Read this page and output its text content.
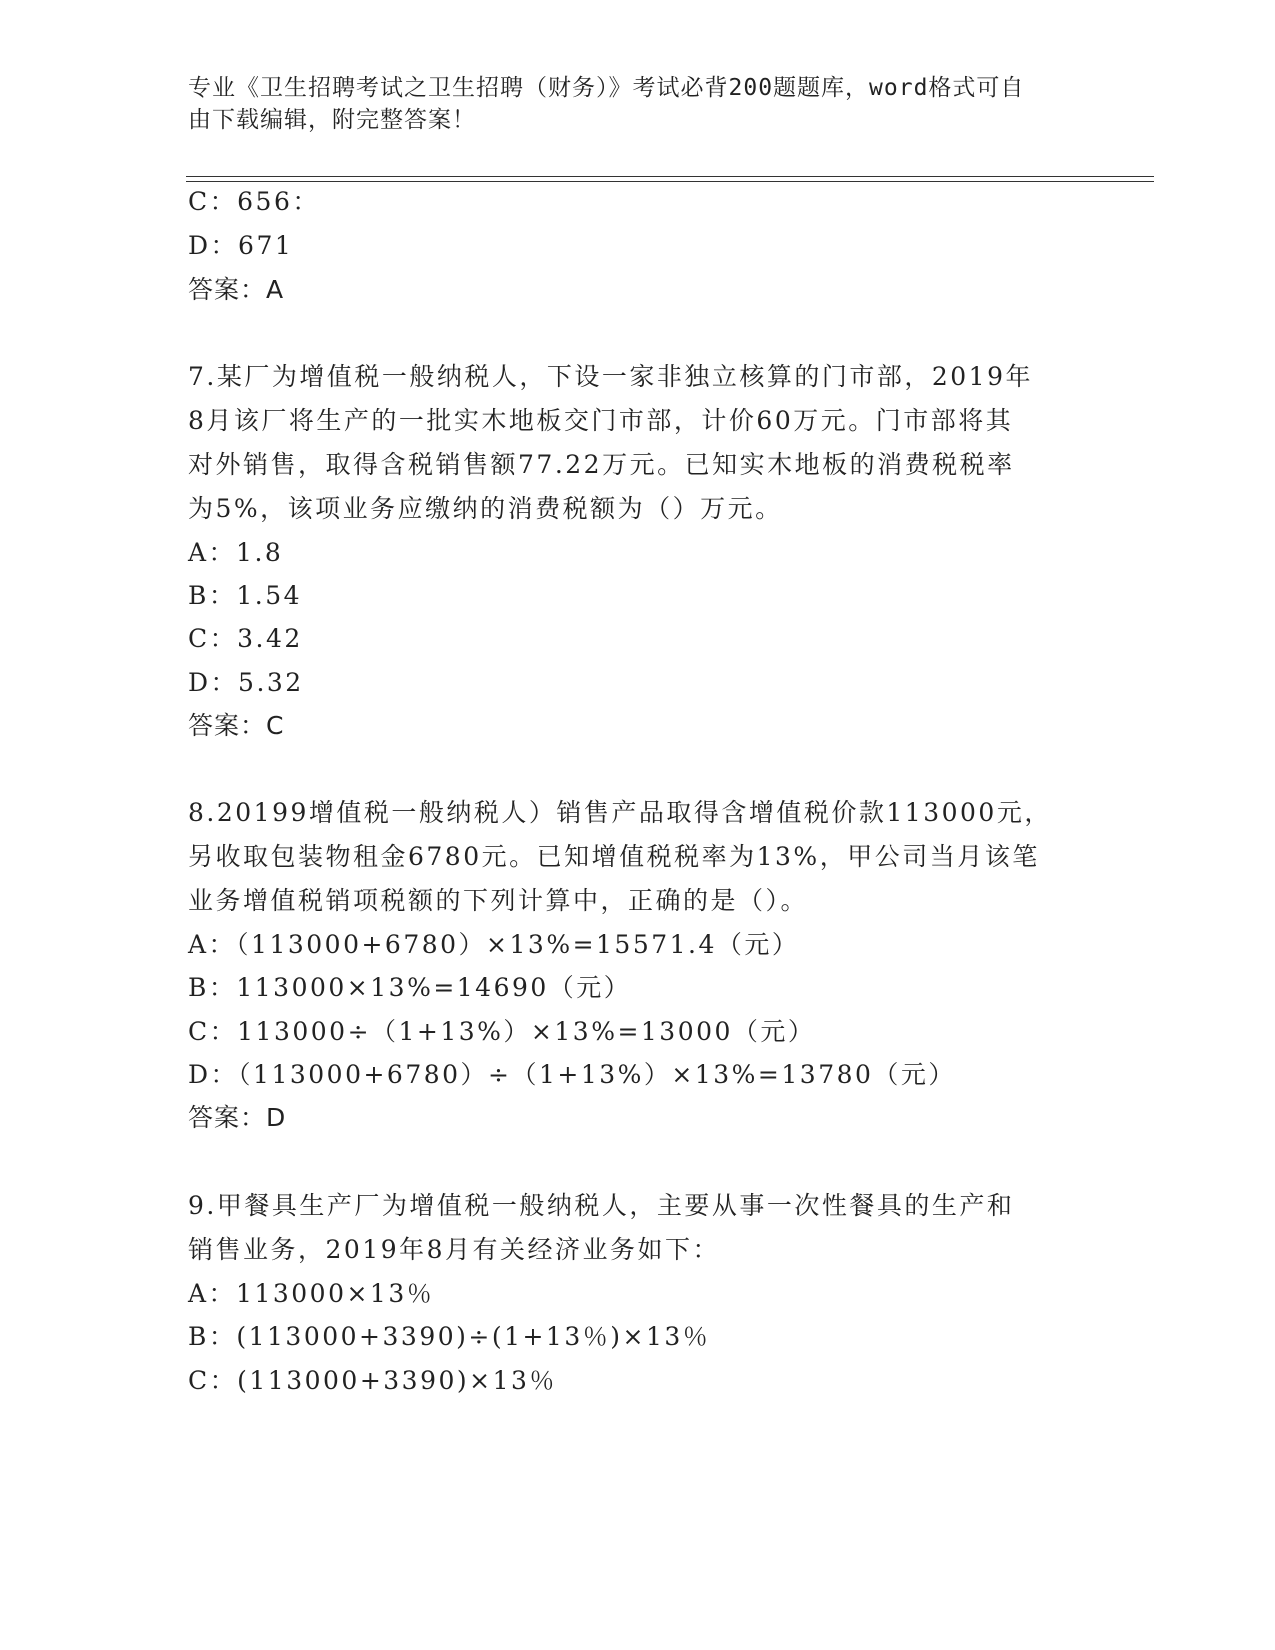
专业《卫生招聘考试之卫生招聘（财务）》考试必背200题题库，word格式可自
由下载编辑，附完整答案！
C：656：
D：671
答案：A
7.某厂为增值税一般纳税人，下设一家非独立核算的门市部，2019年
8月该厂将生产的一批实木地板交门市部，计价60万元。门市部将其
对外销售，取得含税销售额77.22万元。已知实木地板的消费税税率
为5%，该项业务应缴纳的消费税额为（）万元。
A：1.8
B：1.54
C：3.42
D：5.32
答案：C
8.20199增值税一般纳税人）销售产品取得含增值税价款113000元，
另收取包装物租金6780元。已知增值税税率为13%，甲公司当月该笔
业务增值税销项税额的下列计算中，正确的是（）。
A：（113000+6780）×13%=15571.4（元）
B：113000×13%=14690（元）
C：113000÷（1+13%）×13%=13000（元）
D：（113000+6780）÷（1+13%）×13%=13780（元）
答案：D
9.甲餐具生产厂为增值税一般纳税人，主要从事一次性餐具的生产和
销售业务，2019年8月有关经济业务如下：
A：113000×13％
B：(113000+3390)÷(1+13％)×13％
C：(113000+3390)×13％
